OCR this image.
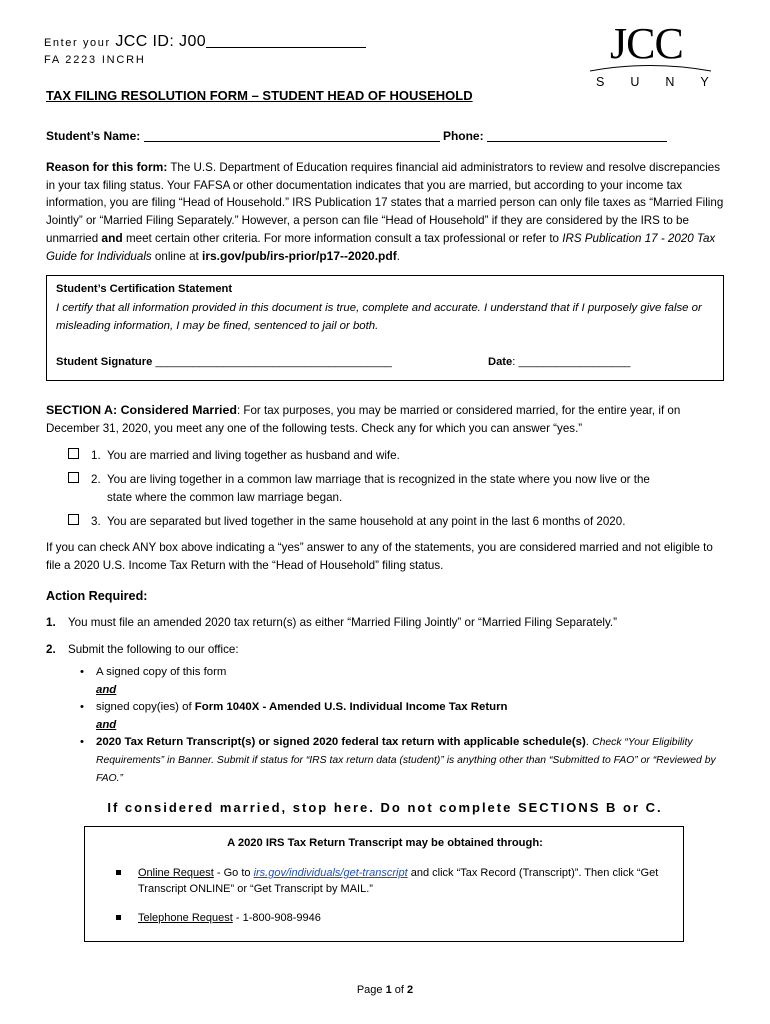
Enter your JCC ID: J00
FA 2223 INCRH	JCC
SUNY
TAX FILING RESOLUTION FORM – STUDENT HEAD OF HOUSEHOLD
Student’s Name:	Phone:
Reason for this form: The U.S. Department of Education requires financial aid administrators to review and resolve discrepancies in your tax filing status. Your FAFSA or other documentation indicates that you are married, but according to your income tax information, you are filing “Head of Household.” IRS Publication 17 states that a married person can only file taxes as “Married Filing Jointly” or “Married Filing Separately.” However, a person can file “Head of Household” if they are considered by the IRS to be unmarried and meet certain other criteria. For more information consult a tax professional or refer to IRS Publication 17 - 2020 Tax Guide for Individuals online at irs.gov/pub/irs-prior/p17--2020.pdf.
Student’s Certification Statement
I certify that all information provided in this document is true, complete and accurate. I understand that if I purposely give false or misleading information, I may be fined, sentenced to jail or both.
Student Signature ______________________________________	Date: __________________
SECTION A: Considered Married: For tax purposes, you may be married or considered married, for the entire year, if on December 31, 2020, you meet any one of the following tests. Check any for which you can answer “yes.”
1. You are married and living together as husband and wife.
2. You are living together in a common law marriage that is recognized in the state where you now live or the
state where the common law marriage began.
3. You are separated but lived together in the same household at any point in the last 6 months of 2020.
If you can check ANY box above indicating a “yes” answer to any of the statements, you are considered married and not eligible to file a 2020 U.S. Income Tax Return with the “Head of Household” filing status.
Action Required:
1. You must file an amended 2020 tax return(s) as either “Married Filing Jointly” or “Married Filing Separately.”
2. Submit the following to our office:
• A signed copy of this form
and
• signed copy(ies) of Form 1040X - Amended U.S. Individual Income Tax Return
and
• 2020 Tax Return Transcript(s) or signed 2020 federal tax return with applicable schedule(s). Check “Your Eligibility Requirements” in Banner. Submit if status for “IRS tax return data (student)” is anything other than “Submitted to FAO” or “Reviewed by FAO.”
If considered married, stop here. Do not complete SECTIONS B or C.
A 2020 IRS Tax Return Transcript may be obtained through:
Online Request - Go to irs.gov/individuals/get-transcript and click “Tax Record (Transcript)”. Then click “Get Transcript ONLINE” or “Get Transcript by MAIL.”
Telephone Request - 1-800-908-9946
Page 1 of 2
